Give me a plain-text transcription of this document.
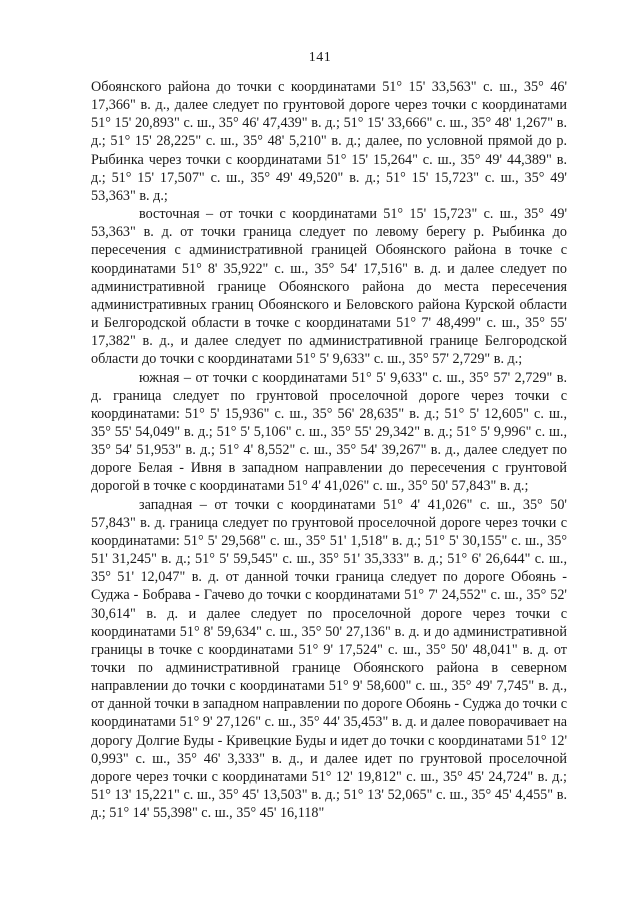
141

Обоянского района до точки с координатами 51° 15' 33,563" с. ш., 35° 46' 17,366" в. д., далее следует по грунтовой дороге через точки с координатами 51° 15' 20,893" с. ш., 35° 46' 47,439" в. д.; 51° 15' 33,666" с. ш., 35° 48' 1,267" в. д.; 51° 15' 28,225" с. ш., 35° 48' 5,210" в. д.; далее, по условной прямой до р. Рыбинка через точки с координатами 51° 15' 15,264" с. ш., 35° 49' 44,389" в. д.; 51° 15' 17,507" с. ш., 35° 49' 49,520" в. д.; 51° 15' 15,723" с. ш., 35° 49' 53,363" в. д.;

восточная – от точки с координатами 51° 15' 15,723" с. ш., 35° 49' 53,363" в. д. от точки граница следует по левому берегу р. Рыбинка до пересечения с административной границей Обоянского района в точке с координатами 51° 8' 35,922" с. ш., 35° 54' 17,516" в. д. и далее следует по административной границе Обоянского района до места пересечения административных границ Обоянского и Беловского района Курской области и Белгородской области в точке с координатами 51° 7' 48,499" с. ш., 35° 55' 17,382" в. д., и далее следует по административной границе Белгородской области до точки с координатами 51° 5' 9,633" с. ш., 35° 57' 2,729" в. д.;

южная – от точки с координатами 51° 5' 9,633" с. ш., 35° 57' 2,729" в. д. граница следует по грунтовой проселочной дороге через точки с координатами: 51° 5' 15,936" с. ш., 35° 56' 28,635" в. д.; 51° 5' 12,605" с. ш., 35° 55' 54,049" в. д.; 51° 5' 5,106" с. ш., 35° 55' 29,342" в. д.; 51° 5' 9,996" с. ш., 35° 54' 51,953" в. д.; 51° 4' 8,552" с. ш., 35° 54' 39,267" в. д., далее следует по дороге Белая - Ивня в западном направлении до пересечения с грунтовой дорогой в точке с координатами 51° 4' 41,026" с. ш., 35° 50' 57,843" в. д.;

западная – от точки с координатами 51° 4' 41,026" с. ш., 35° 50' 57,843" в. д. граница следует по грунтовой проселочной дороге через точки с координатами: 51° 5' 29,568" с. ш., 35° 51' 1,518" в. д.; 51° 5' 30,155" с. ш., 35° 51' 31,245" в. д.; 51° 5' 59,545" с. ш., 35° 51' 35,333" в. д.; 51° 6' 26,644" с. ш., 35° 51' 12,047" в. д. от данной точки граница следует по дороге Обоянь - Суджа - Бобрава - Гачево до точки с координатами 51° 7' 24,552" с. ш., 35° 52' 30,614" в. д. и далее следует по проселочной дороге через точки с координатами 51° 8' 59,634" с. ш., 35° 50' 27,136" в. д. и до административной границы в точке с координатами 51° 9' 17,524" с. ш., 35° 50' 48,041" в. д. от точки по административной границе Обоянского района в северном направлении до точки с координатами 51° 9' 58,600" с. ш., 35° 49' 7,745" в. д., от данной точки в западном направлении по дороге Обоянь - Суджа до точки с координатами 51° 9' 27,126" с. ш., 35° 44' 35,453" в. д. и далее поворачивает на дорогу Долгие Буды - Кривецкие Буды и идет до точки с координатами 51° 12' 0,993" с. ш., 35° 46' 3,333" в. д., и далее идет по грунтовой проселочной дороге через точки с координатами 51° 12' 19,812" с. ш., 35° 45' 24,724" в. д.; 51° 13' 15,221" с. ш., 35° 45' 13,503" в. д.; 51° 13' 52,065" с. ш., 35° 45' 4,455" в. д.; 51° 14' 55,398" с. ш., 35° 45' 16,118"
